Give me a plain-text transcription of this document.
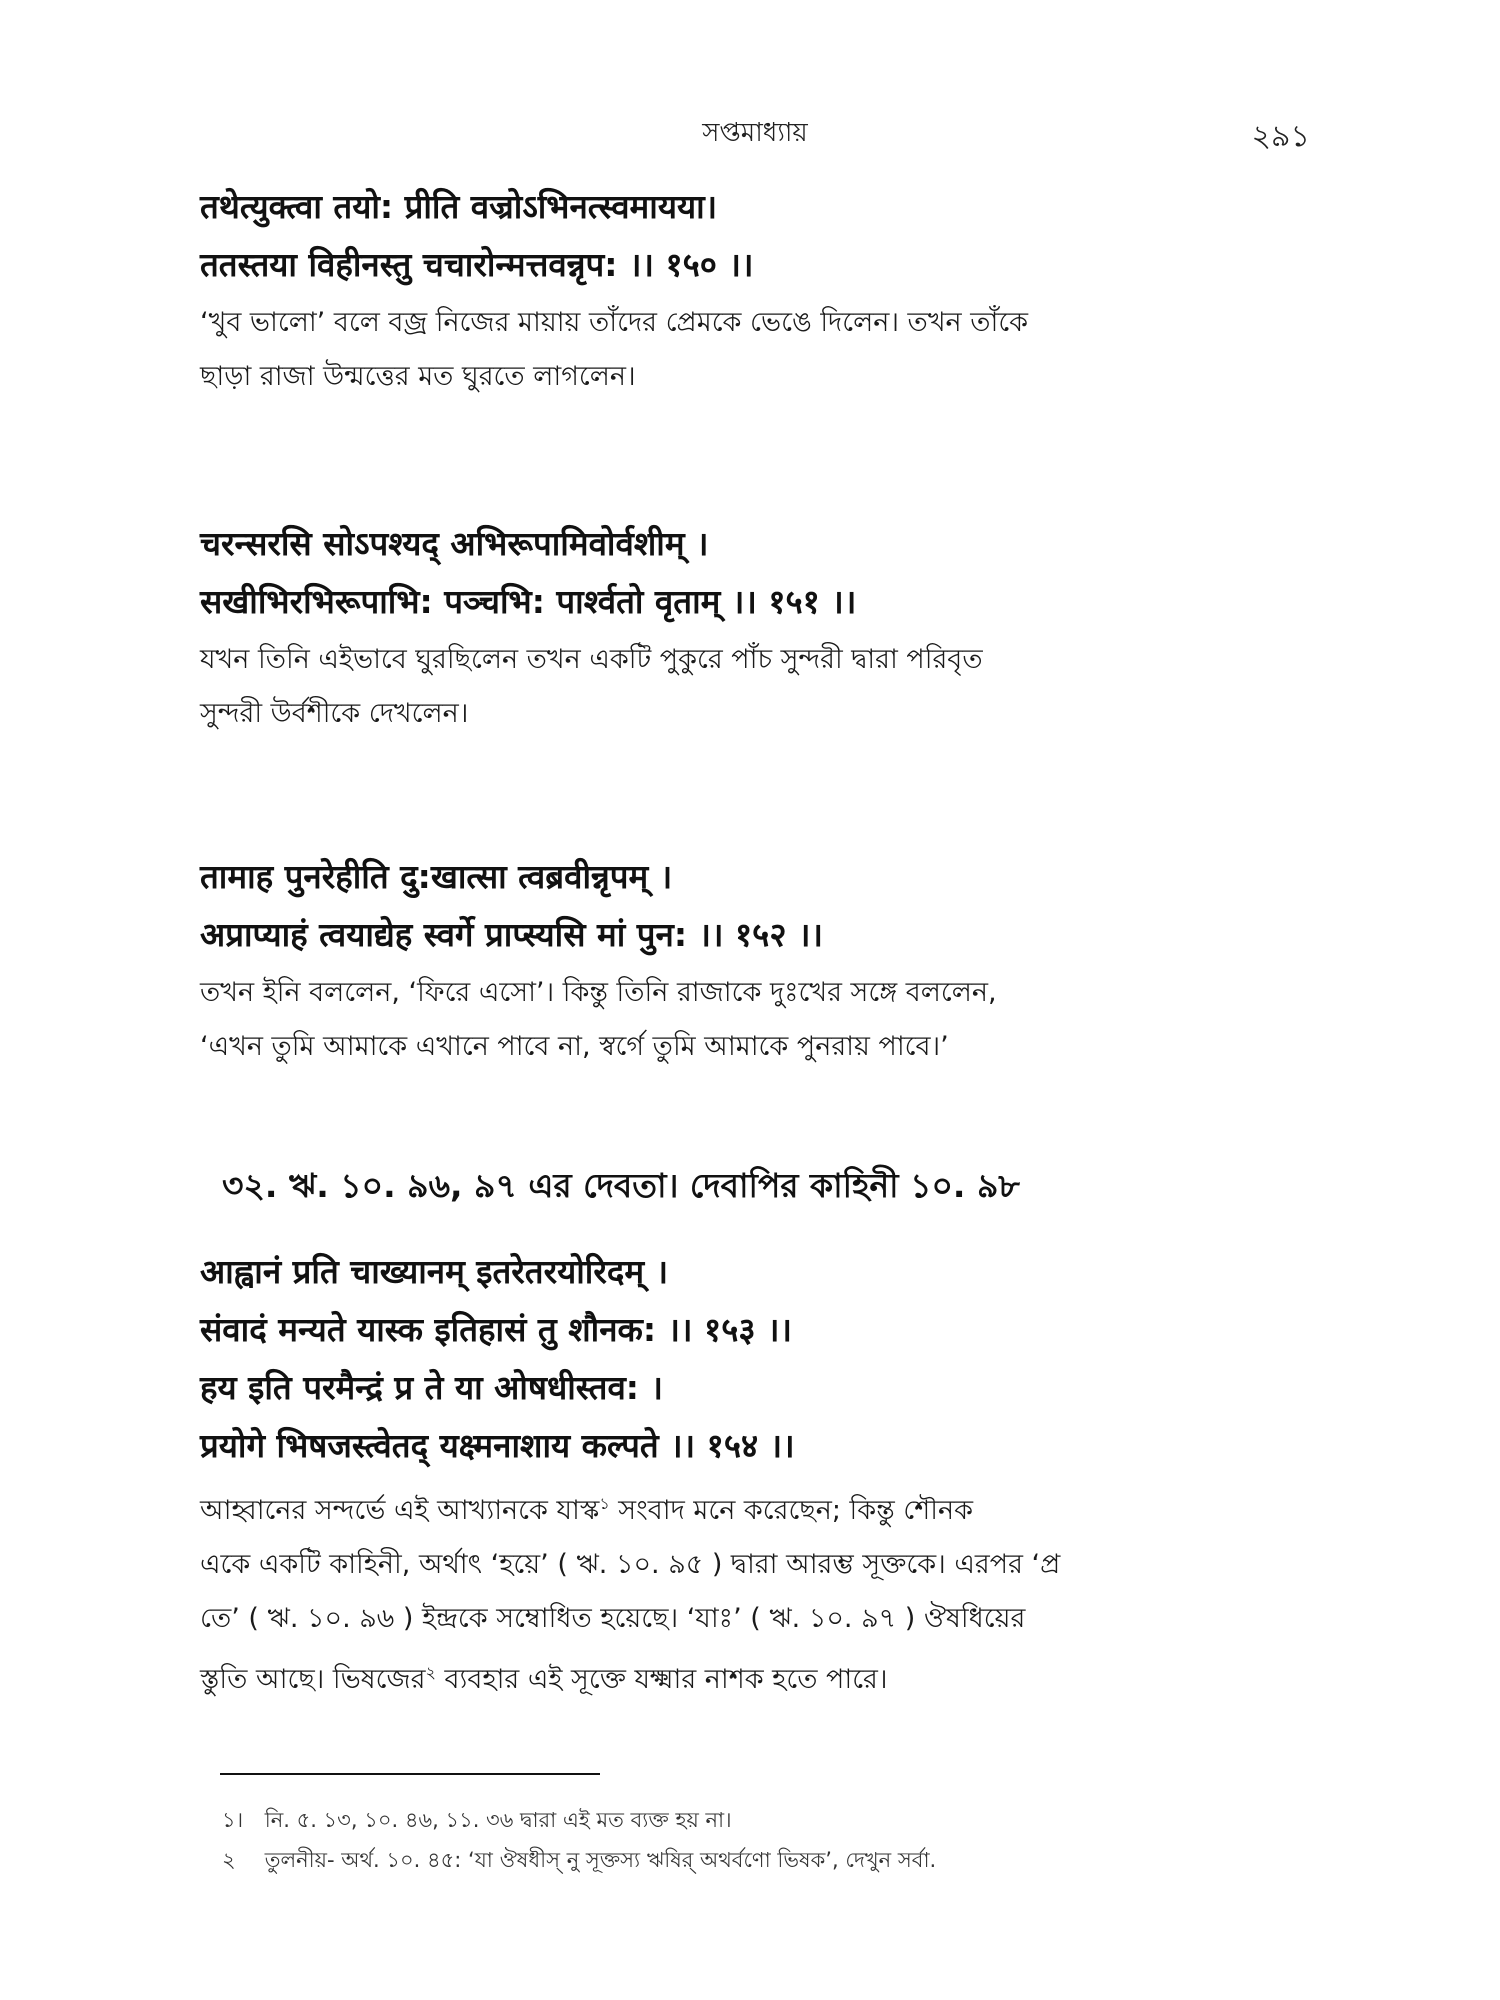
সপ্তমাধ্যায়	২৯১

तथेत्युक्त्वा तयो: प्रीति वज्रोऽभिनत्स्वमायया।

ततस्तया विहीनस्तु चचारोन्मत्तवन्नृप: ।। १५० ।।

‘খুব ভালো’ বলে বজ্র নিজের মায়ায় তাঁদের প্রেমকে ভেঙে দিলেন। তখন তাঁকে

ছাড়া রাজা উন্মত্তের মত ঘুরতে লাগলেন।

चरन्सरसि सोऽपश्यद् अभिरूपामिवोर्वशीम् ।

सखीभिरभिरूपाभि: पञ्चभि: पार्श्वतो वृताम् ।। १५१ ।।

যখন তিনি এইভাবে ঘুরছিলেন তখন একটি পুকুরে পাঁচ সুন্দরী দ্বারা পরিবৃত

সুন্দরী উর্বশীকে দেখলেন।

तामाह पुनरेहीति दु:खात्सा त्वब्रवीन्नृपम् ।

अप्राप्याहं त्वयाद्येह स्वर्गे प्राप्स्यसि मां पुन: ।। १५२ ।।

তখন ইনি বললেন, ‘ফিরে এসো’। কিন্তু তিনি রাজাকে দুঃখের সঙ্গে বললেন,

‘এখন তুমি আমাকে এখানে পাবে না, স্বর্গে তুমি আমাকে পুনরায় পাবে।’

৩২. ঋ. ১০. ৯৬, ৯৭ এর দেবতা। দেবাপির কাহিনী ১০. ৯৮

आह्वानं प्रति चाख्यानम् इतरेतरयोरिदम् ।

संवादं मन्यते यास्क इतिहासं तु शौनक: ।। १५३ ।।

हय इति परमैन्द्रं प्र ते या ओषधीस्तव: ।

प्रयोगे भिषजस्त्वेतद् यक्ष्मनाशाय कल्पते ।। १५४ ।।

আহ্বানের সন্দর্ভে এই আখ্যানকে যাস্ক$^১$ সংবাদ মনে করেছেন; কিন্তু শৌনক

একে একটি কাহিনী, অর্থাৎ ‘হয়ে’ ( ঋ. ১০. ৯৫ ) দ্বারা আরম্ভ সূক্তকে। এরপর ‘প্র

তে’ ( ঋ. ১০. ৯৬ ) ইন্দ্রকে সম্বোধিত হয়েছে। ‘যাঃ’ ( ঋ. ১০. ৯৭ ) ঔষধিয়ের

স্তুতি আছে। ভিষজের$^২$ ব্যবহার এই সূক্তে যক্ষ্মার নাশক হতে পারে।

১। নি. ৫. ১৩, ১০. ৪৬, ১১. ৩৬ দ্বারা এই মত ব্যক্ত হয় না।
২ তুলনীয়- অর্থ. ১০. ৪৫: ‘যা ঔষধীস্ নু সূক্তস্য ঋষির্ অথর্বণো ভিষক’, দেখুন সর্বা.
